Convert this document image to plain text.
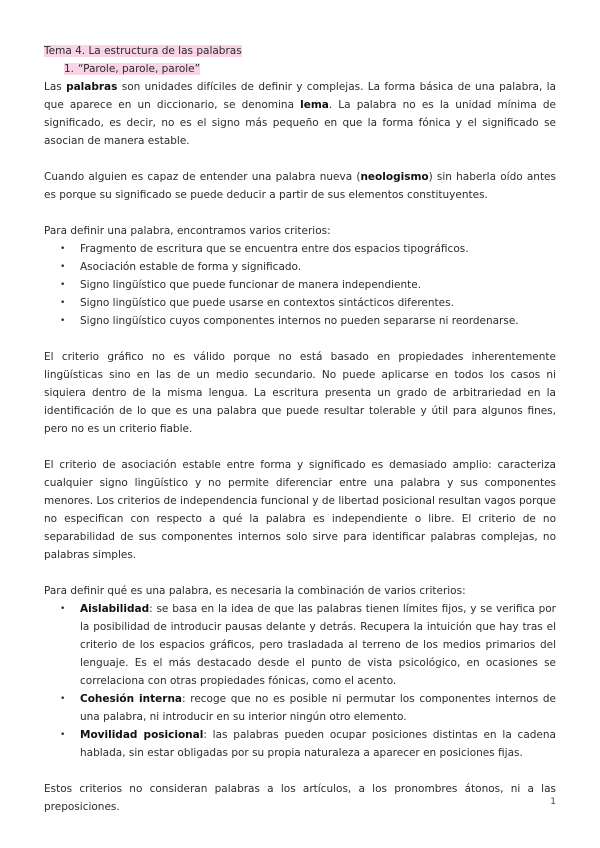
Tema 4. La estructura de las palabras
1. “Parole, parole, parole”

Las palabras son unidades difíciles de definir y complejas. La forma básica de una palabra, la que aparece en un diccionario, se denomina lema. La palabra no es la unidad mínima de significado, es decir, no es el signo más pequeño en que la forma fónica y el significado se asocian de manera estable.

Cuando alguien es capaz de entender una palabra nueva (neologismo) sin haberla oído antes es porque su significado se puede deducir a partir de sus elementos constituyentes.

Para definir una palabra, encontramos varios criterios:

• Fragmento de escritura que se encuentra entre dos espacios tipográficos.
• Asociación estable de forma y significado.
• Signo lingüístico que puede funcionar de manera independiente.
• Signo lingüístico que puede usarse en contextos sintácticos diferentes.
• Signo lingüístico cuyos componentes internos no pueden separarse ni reordenarse.

El criterio gráfico no es válido porque no está basado en propiedades inherentemente lingüísticas sino en las de un medio secundario. No puede aplicarse en todos los casos ni siquiera dentro de la misma lengua. La escritura presenta un grado de arbitrariedad en la identificación de lo que es una palabra que puede resultar tolerable y útil para algunos fines, pero no es un criterio fiable.

El criterio de asociación estable entre forma y significado es demasiado amplio: caracteriza cualquier signo lingüístico y no permite diferenciar entre una palabra y sus componentes menores. Los criterios de independencia funcional y de libertad posicional resultan vagos porque no especifican con respecto a qué la palabra es independiente o libre. El criterio de no separabilidad de sus componentes internos solo sirve para identificar palabras complejas, no palabras simples.

Para definir qué es una palabra, es necesaria la combinación de varios criterios:

• Aislabilidad: se basa en la idea de que las palabras tienen límites fijos, y se verifica por la posibilidad de introducir pausas delante y detrás. Recupera la intuición que hay tras el criterio de los espacios gráficos, pero trasladada al terreno de los medios primarios del lenguaje. Es el más destacado desde el punto de vista psicológico, en ocasiones se correlaciona con otras propiedades fónicas, como el acento.
• Cohesión interna: recoge que no es posible ni permutar los componentes internos de una palabra, ni introducir en su interior ningún otro elemento.
• Movilidad posicional: las palabras pueden ocupar posiciones distintas en la cadena hablada, sin estar obligadas por su propia naturaleza a aparecer en posiciones fijas.

Estos criterios no consideran palabras a los artículos, a los pronombres átonos, ni a las preposiciones.	1
